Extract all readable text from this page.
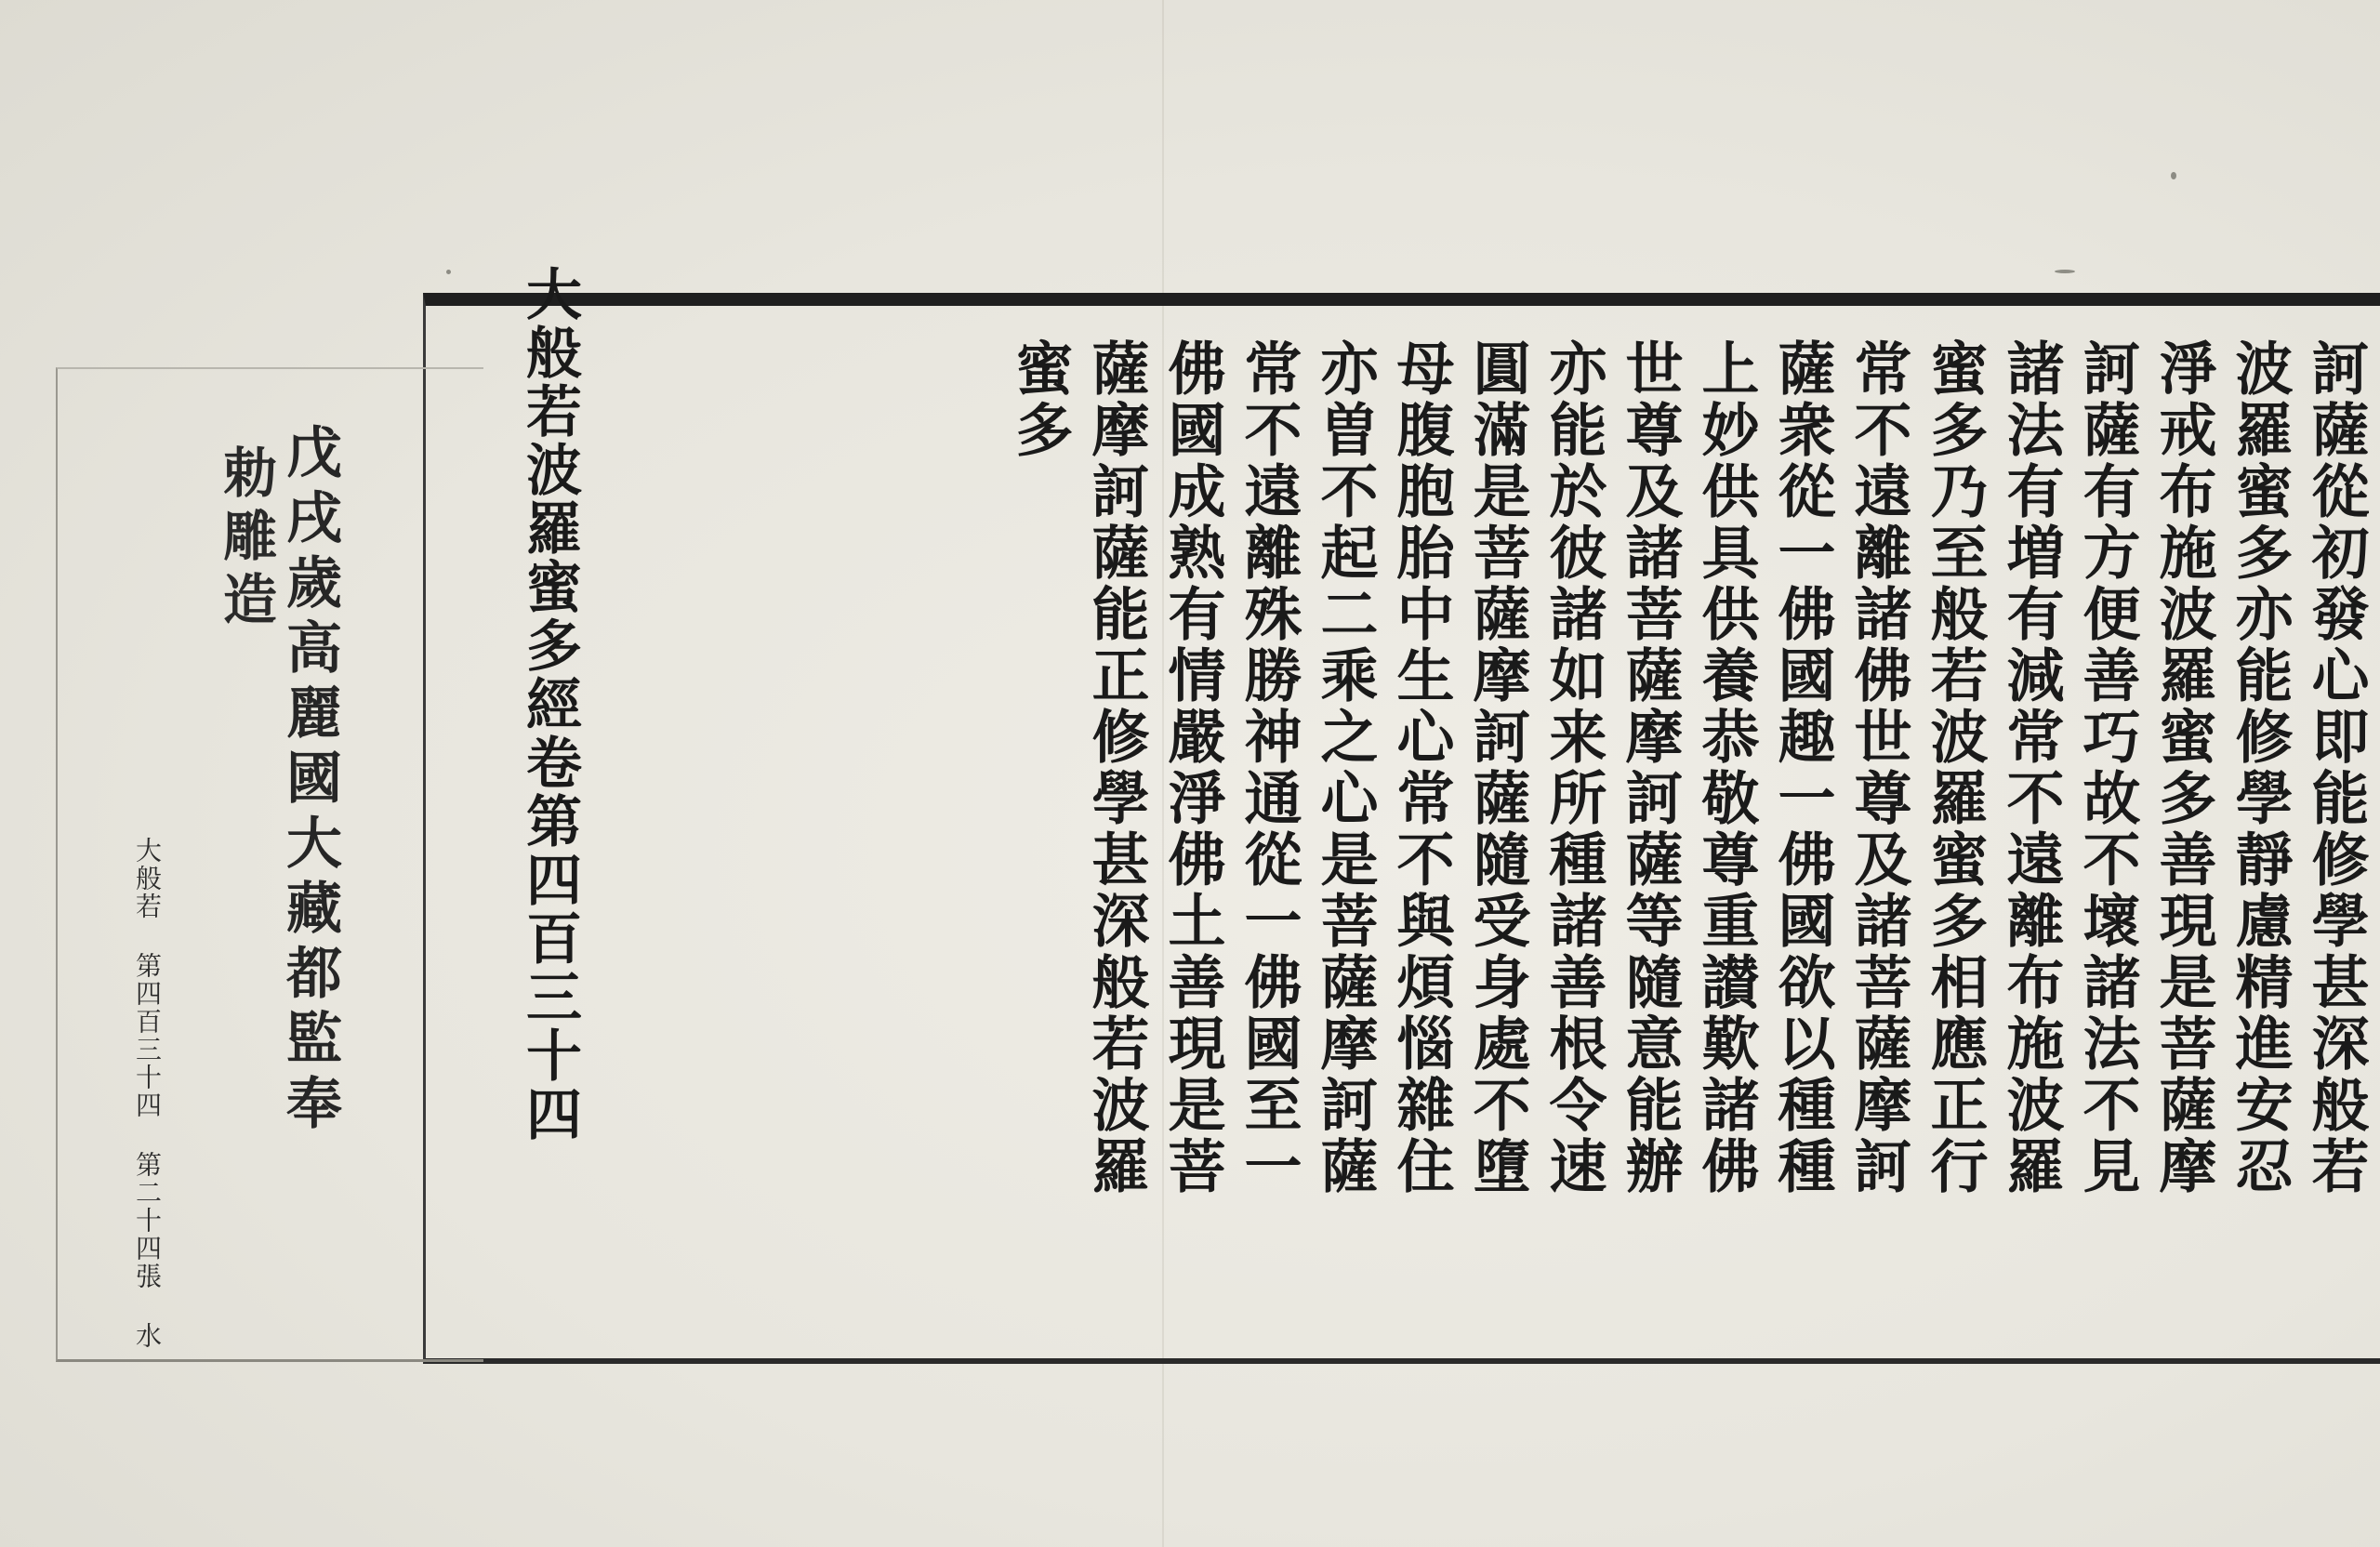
訶薩從初發心即能修學甚深般若
波羅蜜多亦能修學靜慮精進安忍
淨戒布施波羅蜜多善現是菩薩摩
訶薩有方便善巧故不壞諸法不見
諸法有増有減常不遠離布施波羅
蜜多乃至般若波羅蜜多相應正行
常不遠離諸佛世尊及諸菩薩摩訶
薩衆從一佛國趣一佛國欲以種種
上妙供具供養恭敬尊重讃歎諸佛
世尊及諸菩薩摩訶薩等隨意能辦
亦能於彼諸如来所種諸善根令速
圓滿是菩薩摩訶薩隨受身處不墮
母腹胞胎中生心常不與煩惱雜住
亦曽不起二乘之心是菩薩摩訶薩
常不遠離殊勝神通從一佛國至一
佛國成熟有情嚴淨佛土善現是菩
薩摩訶薩能正修學甚深般若波羅
蜜多
大般若波羅蜜多經卷第四百三十四
戊戌歲高麗國大藏都監奉
勅雕造
大般若第四百三十四第二十四張水
